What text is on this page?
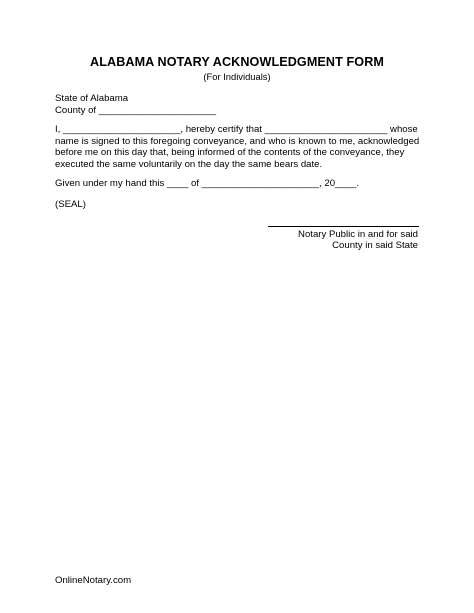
ALABAMA NOTARY ACKNOWLEDGMENT FORM
(For Individuals)
State of Alabama
County of ______________________
I, ______________________, hereby certify that _______________________ whose
name is signed to this foregoing conveyance, and who is known to me, acknowledged
before me on this day that, being informed of the contents of the conveyance, they
executed the same voluntarily on the day the same bears date.
Given under my hand this ____ of ______________________, 20____.
(SEAL)
Notary Public in and for said
County in said State
OnlineNotary.com
